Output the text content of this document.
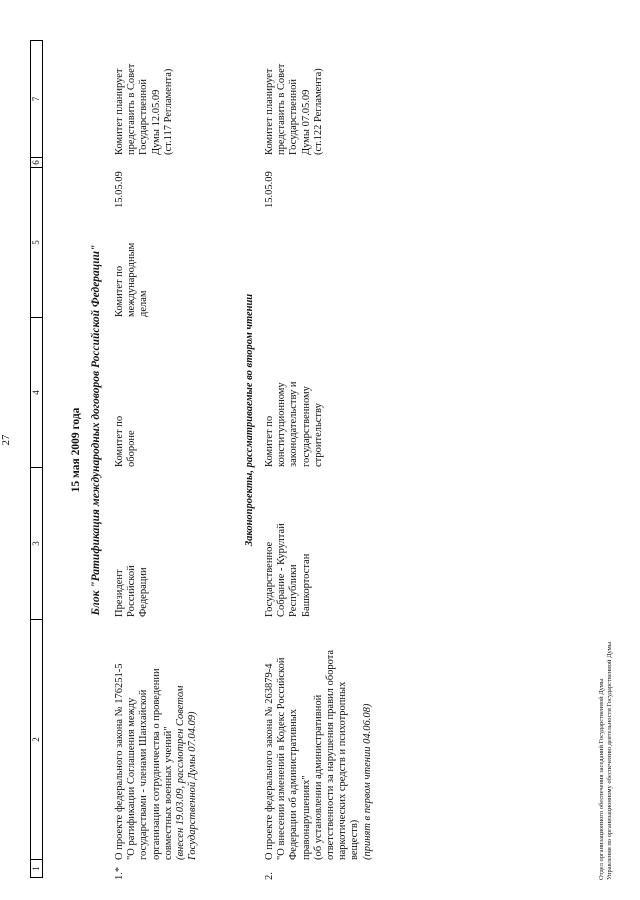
27
1
2
3
4
5
6
7
15 мая 2009 года Блок "Ратификация международных договоров Российской Федерации"
1.*
О проекте федерального закона № 176251-5 "О ратификации Соглашения между государствами - членами Шанхайской организации сотрудничества о проведении совместных военных учений" (внесен 19.03.09, рассмотрен Советом Государственной Думы 07.04.09)
Президент Российской Федерации
Комитет по обороне
Комитет по международным делам
15.05.09
Комитет планирует представить в Совет Государственной Думы 12.05.09 (ст.117 Регламента)
Законопроекты, рассматриваемые во втором чтении
2.
О проекте федерального закона № 263879-4 "О внесении изменений в Кодекс Российской Федерации об административных правонарушениях" (об установлении административной ответственности за нарушения правил оборота наркотических средств и психотропных веществ) (принят в первом чтении 04.06.08)
Государственное Собрание - Курултай Республики Башкортостан
Комитет по конституционному законодательству и государственному строительству
15.05.09
Комитет планирует представить в Совет Государственной Думы 07.05.09 (ст.122 Регламента)
Отдел организационного обеспечения заседаний Государственной Думы Управления по организационному обеспечению деятельности Государственной Думы
